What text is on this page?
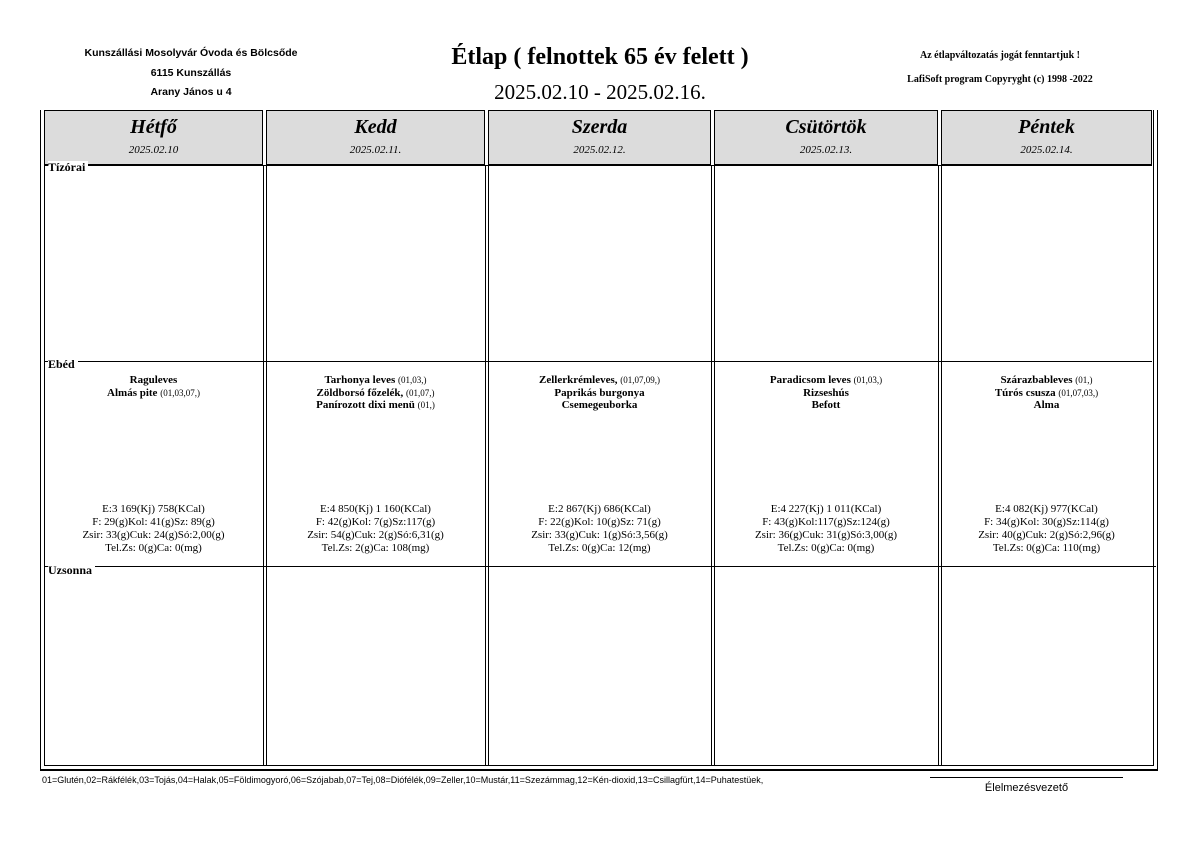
Kunszállási Mosolyvár Óvoda és Bölcsőde
6115 Kunszállás
Arany János u 4
Étlap ( felnottek 65 év felett )
2025.02.10 - 2025.02.16.
Az étlapváltozatás jogát fenntartjuk !
LafiSoft program Copyryght (c) 1998 -2022
Hétfő
2025.02.10
Kedd
2025.02.11.
Szerda
2025.02.12.
Csütörtök
2025.02.13.
Péntek
2025.02.14.
Tízórai
Ebéd
Uzsonna
Raguleves
Almás pite (01,03,07,)
Tarhonya leves (01,03,)
Zöldborsó főzelék, (01,07,)
Panírozott dixi menü (01,)
Zellerkrémleves, (01,07,09,)
Paprikás burgonya
Csemegeuborka
Paradicsom leves (01,03,)
Rizseshús
Befott
Szárazbableves (01,)
Túrós csusza (01,07,03,)
Alma
E:3 169(Kj) 758(KCal)
F: 29(g)Kol: 41(g)Sz: 89(g)
Zsir: 33(g)Cuk: 24(g)Só:2,00(g)
Tel.Zs: 0(g)Ca: 0(mg)
E:4 850(Kj) 1 160(KCal)
F: 42(g)Kol: 7(g)Sz:117(g)
Zsir: 54(g)Cuk: 2(g)Só:6,31(g)
Tel.Zs: 2(g)Ca: 108(mg)
E:2 867(Kj) 686(KCal)
F: 22(g)Kol: 10(g)Sz: 71(g)
Zsir: 33(g)Cuk: 1(g)Só:3,56(g)
Tel.Zs: 0(g)Ca: 12(mg)
E:4 227(Kj) 1 011(KCal)
F: 43(g)Kol:117(g)Sz:124(g)
Zsir: 36(g)Cuk: 31(g)Só:3,00(g)
Tel.Zs: 0(g)Ca: 0(mg)
E:4 082(Kj) 977(KCal)
F: 34(g)Kol: 30(g)Sz:114(g)
Zsir: 40(g)Cuk: 2(g)Só:2,96(g)
Tel.Zs: 0(g)Ca: 110(mg)
01=Glutén,02=Rákfélék,03=Tojás,04=Halak,05=Földimogyoró,06=Szójabab,07=Tej,08=Diófélék,09=Zeller,10=Mustár,11=Szezámmag,12=Kén-dioxid,13=Csillagfürt,14=Puhatestüek,
Élelmezésvezető
